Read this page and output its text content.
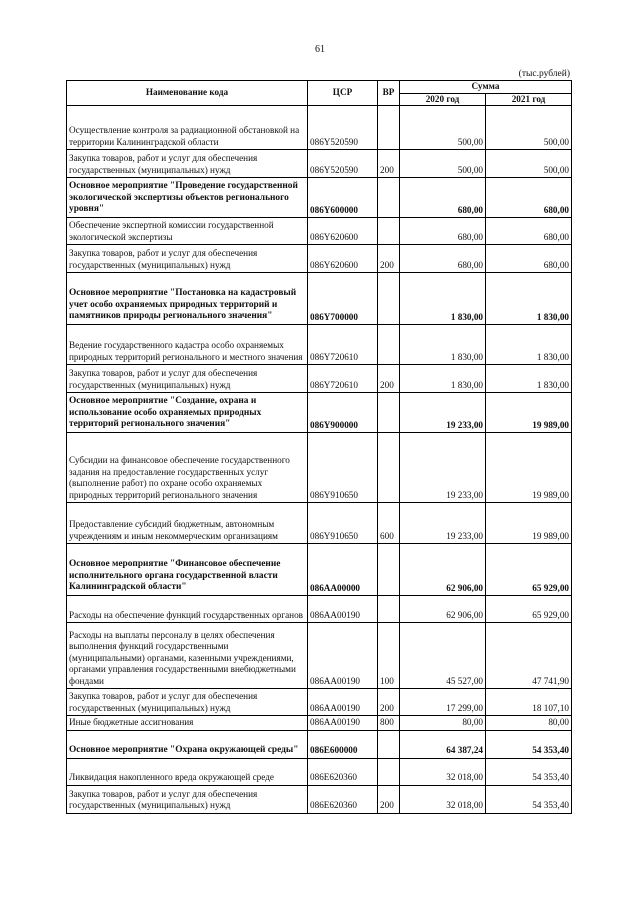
61
(тыс.рублей)
Наименование кода	ЦСР	ВР	Сумма	
			2020 год	2021 год
Осуществление контроля за радиационной обстановкой на территории Калининградской области	086Y520590		500,00	500,00
Закупка товаров, работ и услуг для обеспечения государственных (муниципальных) нужд	086Y520590	200	500,00	500,00
Основное мероприятие "Проведение государственной экологической экспертизы объектов регионального уровня"	086Y600000		680,00	680,00
Обеспечение экспертной комиссии государственной экологической экспертизы	086Y620600		680,00	680,00
Закупка товаров, работ и услуг для обеспечения государственных (муниципальных) нужд	086Y620600	200	680,00	680,00
Основное мероприятие "Постановка на кадастровый учет особо охраняемых природных территорий и памятников природы регионального значения"	086Y700000		1 830,00	1 830,00
Ведение государственного кадастра особо охраняемых природных территорий регионального и местного значения	086Y720610		1 830,00	1 830,00
Закупка товаров, работ и услуг для обеспечения государственных (муниципальных) нужд	086Y720610	200	1 830,00	1 830,00
Основное мероприятие "Создание, охрана и использование особо охраняемых природных территорий регионального значения"	086Y900000		19 233,00	19 989,00
Субсидии на финансовое обеспечение государственного задания на предоставление государственных услуг (выполнение работ) по охране особо охраняемых природных территорий регионального значения	086Y910650		19 233,00	19 989,00
Предоставление субсидий бюджетным, автономным учреждениям и иным некоммерческим организациям	086Y910650	600	19 233,00	19 989,00
Основное мероприятие "Финансовое обеспечение исполнительного органа государственной власти Калининградской области"	086АА00000		62 906,00	65 929,00
Расходы на обеспечение функций государственных органов	086АА00190		62 906,00	65 929,00
Расходы на выплаты персоналу в целях обеспечения выполнения функций государственными (муниципальными) органами, казенными учреждениями, органами управления государственными внебюджетными фондами	086АА00190	100	45 527,00	47 741,90
Закупка товаров, работ и услуг для обеспечения государственных (муниципальных) нужд	086АА00190	200	17 299,00	18 107,10
Иные бюджетные ассигнования	086АА00190	800	80,00	80,00
Основное мероприятие "Охрана окружающей среды"	086Е600000		64 387,24	54 353,40
Ликвидация накопленного вреда окружающей среде	086Е620360		32 018,00	54 353,40
Закупка товаров, работ и услуг для обеспечения государственных (муниципальных) нужд	086Е620360	200	32 018,00	54 353,40
